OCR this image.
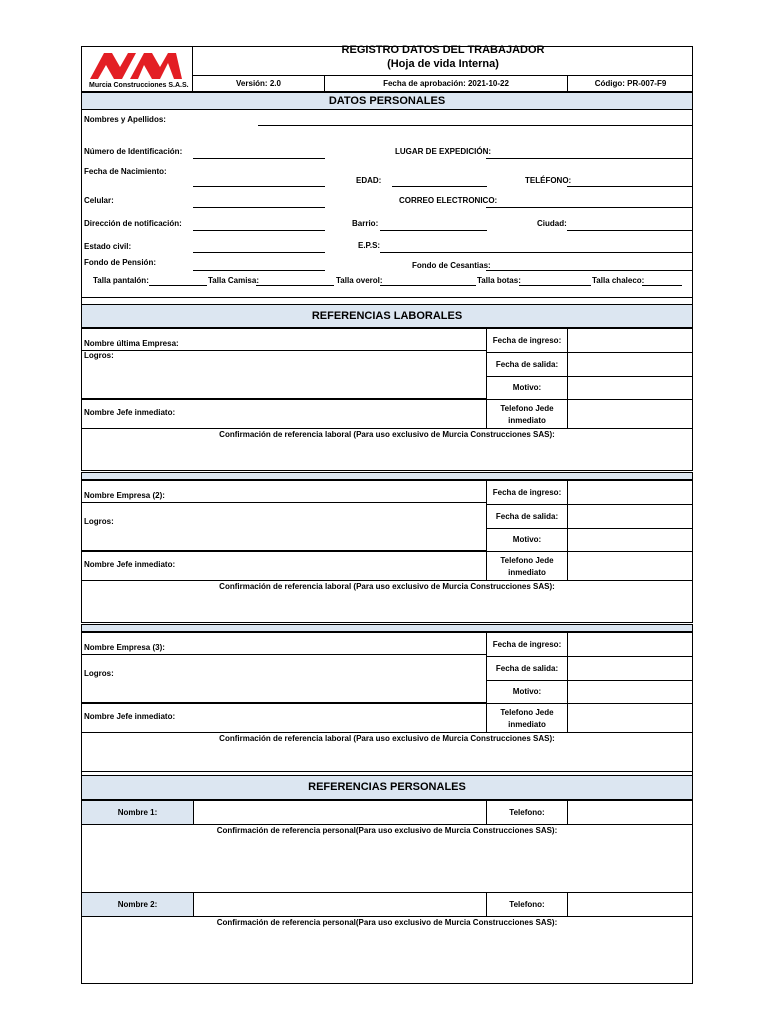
Murcia Construcciones S.A.S.
REGISTRO DATOS DEL TRABAJADOR
(Hoja de vida Interna)
Versión: 2.0	Fecha de aprobación: 2021-10-22	Código: PR-007-F9
DATOS PERSONALES
Nombres y Apellidos:
Número de Identificación:	LUGAR DE EXPEDICIÓN:
Fecha de Nacimiento:
EDAD:	TELÉFONO:
Celular:	CORREO ELECTRONICO:
Dirección de notificación:	Barrio:	Ciudad:
Estado civil:	E.P.S:
Fondo de Pensión:	Fondo de Cesantias:
Talla pantalón:	Talla Camisa:	Talla overol:	Talla botas:	Talla chaleco:
REFERENCIAS LABORALES
Nombre última Empresa:
Logros:
Fecha de ingreso:
Fecha de salida:
Motivo:
Nombre Jefe inmediato:	Telefono Jede
inmediato
Confirmación de referencia laboral (Para uso exclusivo de Murcia Construcciones SAS):
Nombre Empresa (2):
Logros:
Fecha de ingreso:
Fecha de salida:
Motivo:
Nombre Jefe inmediato:	Telefono Jede
inmediato
Confirmación de referencia laboral (Para uso exclusivo de Murcia Construcciones SAS):
Nombre Empresa (3):
Logros:
Fecha de ingreso:
Fecha de salida:
Motivo:
Nombre Jefe inmediato:	Telefono Jede
inmediato
Confirmación de referencia laboral (Para uso exclusivo de Murcia Construcciones SAS):
REFERENCIAS PERSONALES
Nombre 1:	Telefono:
Confirmación de referencia personal(Para uso exclusivo de Murcia Construcciones SAS):
Nombre 2:	Telefono:
Confirmación de referencia personal(Para uso exclusivo de Murcia Construcciones SAS):
